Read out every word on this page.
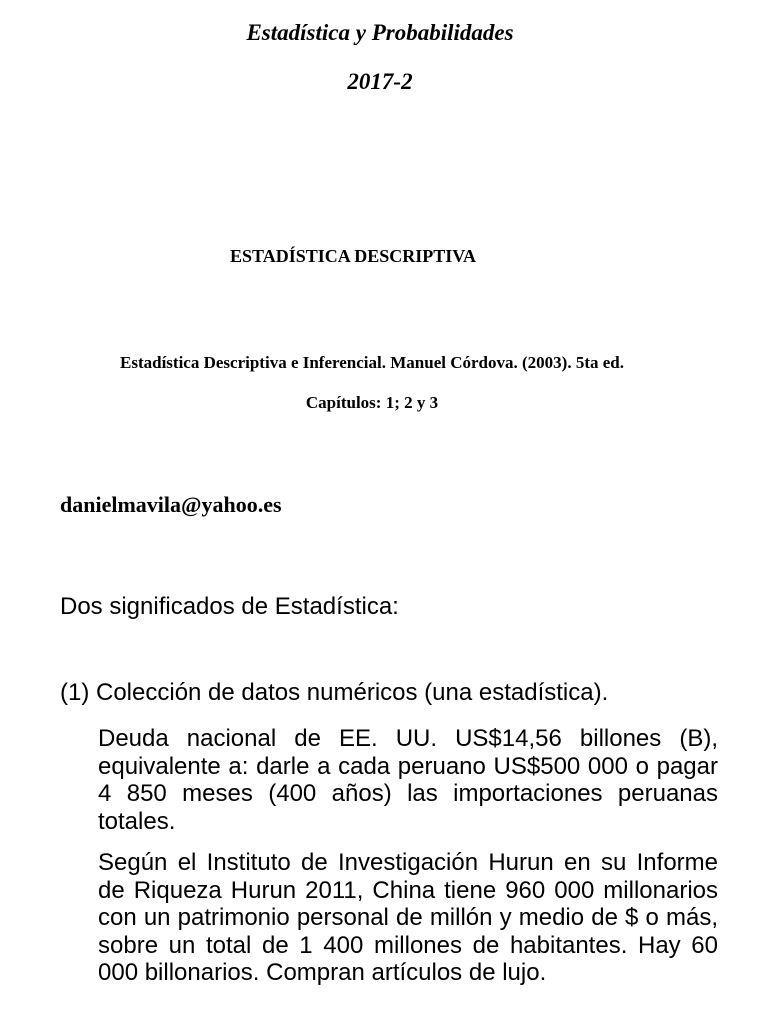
Estadística y Probabilidades
2017-2
ESTADÍSTICA DESCRIPTIVA
Estadística Descriptiva e Inferencial. Manuel Córdova. (2003). 5ta ed.
Capítulos: 1; 2 y 3
danielmavila@yahoo.es
Dos significados de Estadística:
(1) Colección de datos numéricos (una estadística).
Deuda nacional de EE. UU. US$14,56 billones (B), equivalente a: darle a cada peruano US$500 000 o pagar 4 850 meses (400 años) las importaciones peruanas totales.
Según el Instituto de Investigación Hurun en su Informe de Riqueza Hurun 2011, China tiene 960 000 millonarios con un patrimonio personal de millón y medio de $ o más, sobre un total de 1 400 millones de habitantes. Hay 60 000 billonarios. Compran artículos de lujo.
